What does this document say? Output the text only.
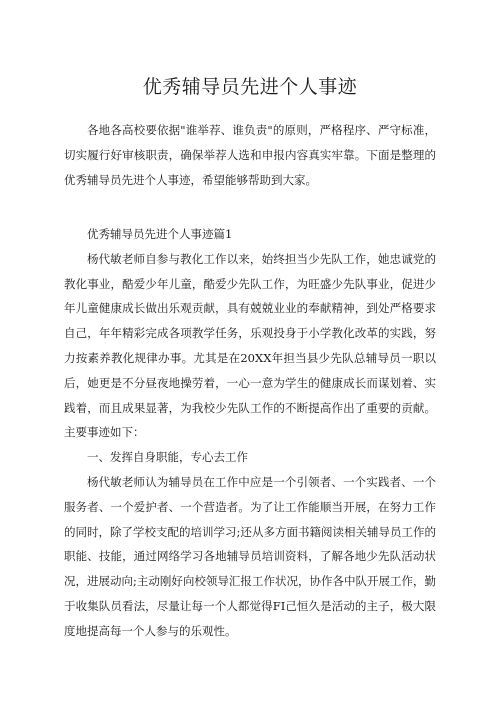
优秀辅导员先进个人事迹

各地各高校要依据"谁举荐、谁负责"的原则，严格程序、严守标准，切实履行好审核职责，确保举荐人选和申报内容真实牢靠。下面是整理的优秀辅导员先进个人事迹，希望能够帮助到大家。

优秀辅导员先进个人事迹篇1

杨代敏老师自参与教化工作以来，始终担当少先队工作，她忠诚党的教化事业，酷爱少年儿童，酷爱少先队工作，为旺盛少先队事业，促进少年儿童健康成长做出乐观贡献，具有兢兢业业的奉献精神，到处严格要求自己，年年精彩完成各项教学任务，乐观投身于小学教化改革的实践，努力按素养教化规律办事。尤其是在20XX年担当县少先队总辅导员一职以后，她更是不分昼夜地操劳着，一心一意为学生的健康成长而谋划着、实践着，而且成果显著，为我校少先队工作的不断提高作出了重要的贡献。主要事迹如下：

一、发挥自身职能，专心去工作

杨代敏老师认为辅导员在工作中应是一个引领者、一个实践者、一个服务者、一个爱护者、一个营造者。为了让工作能顺当开展，在努力工作的同时，除了学校支配的培训学习;还从多方面书籍阅读相关辅导员工作的职能、技能，通过网络学习各地辅导员培训资料，了解各地少先队活动状况，进展动向;主动刚好向校领导汇报工作状况，协作各中队开展工作，勤于收集队员看法，尽量让每一个人都觉得FI己恒久是活动的主子，极大限度地提高每一个人参与的乐观性。
